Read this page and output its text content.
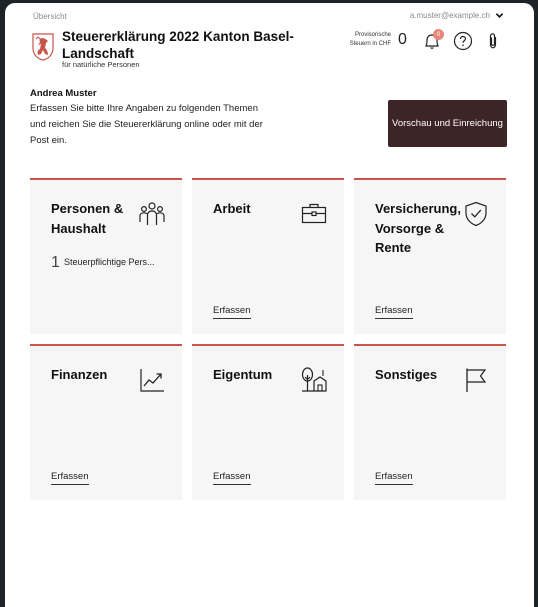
Übersicht	a.muster@example.ch
Steuererklärung 2022 Kanton Basel-Landschaft
für natürliche Personen
Provisorische Steuern in CHF 0	0
Andrea Muster
Erfassen Sie bitte Ihre Angaben zu folgenden Themen und reichen Sie die Steuererklärung online oder mit der Post ein.
Vorschau und Einreichung
Personen & Haushalt
1 Steuerpflichtige Pers...
Arbeit
Erfassen
Versicherung, Vorsorge & Rente
Erfassen
Finanzen
Erfassen
Eigentum
Erfassen
Sonstiges
Erfassen
